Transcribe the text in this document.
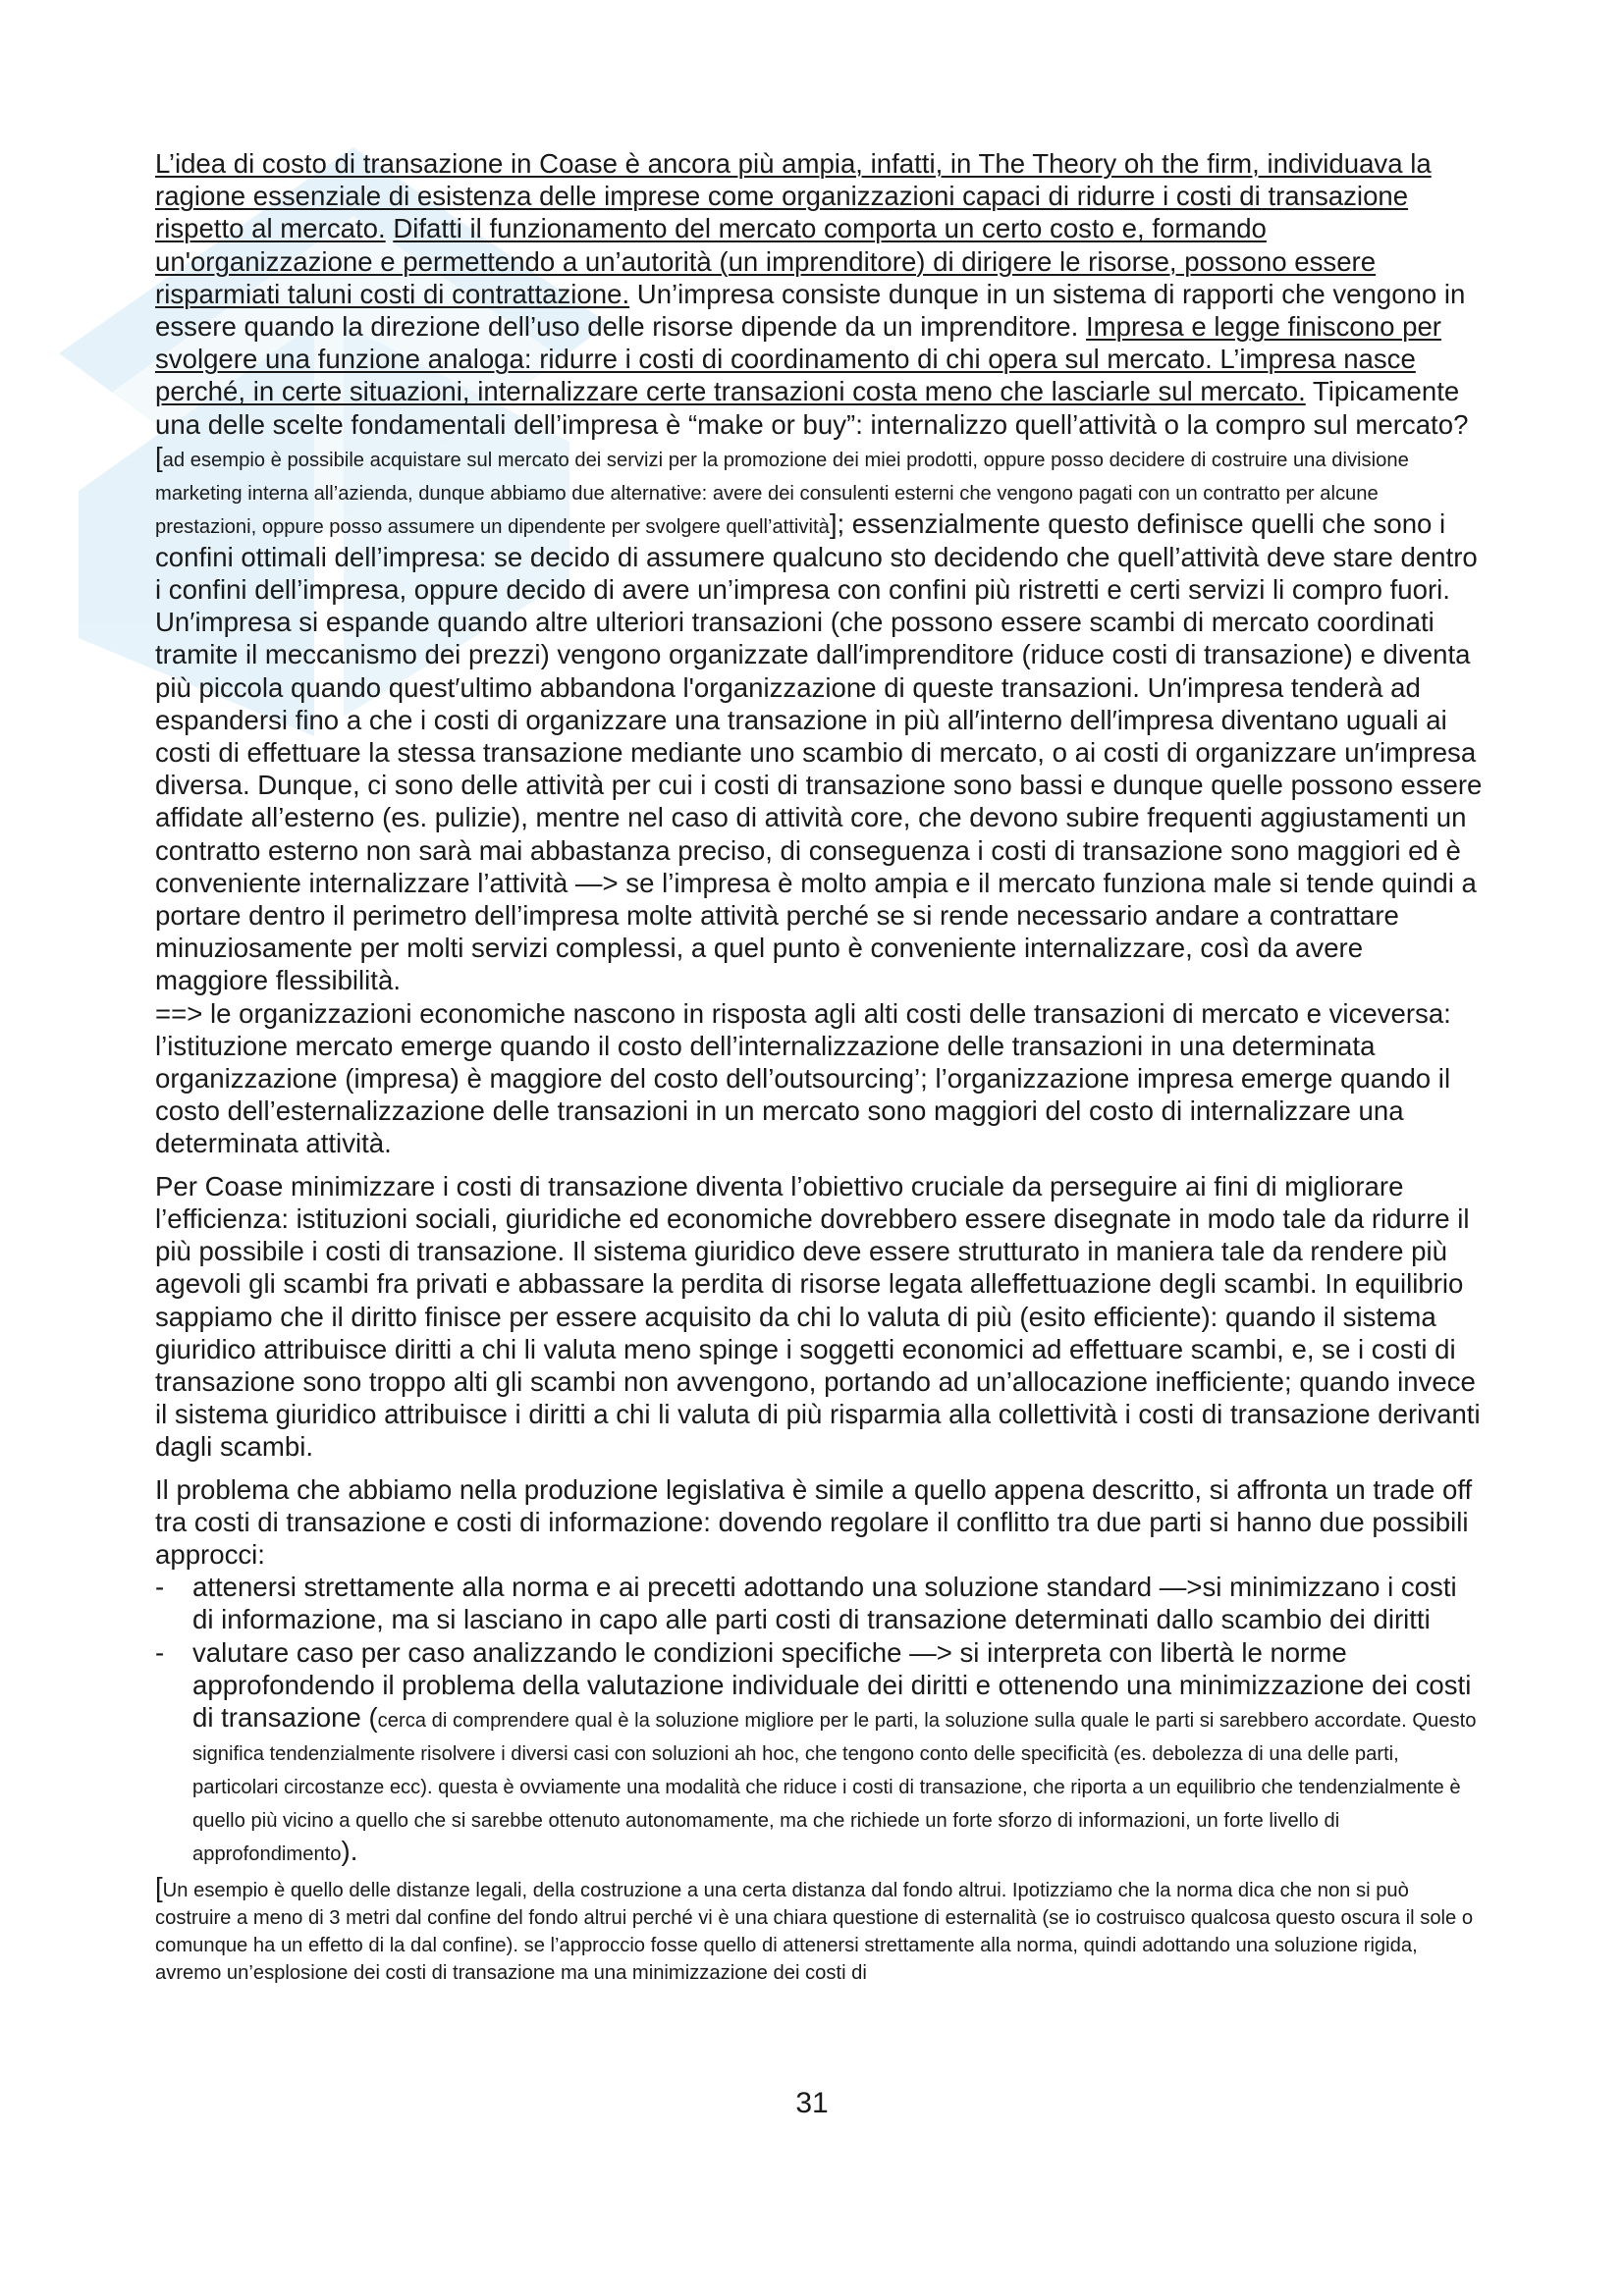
L’idea di costo di transazione in Coase è ancora più ampia, infatti, in The Theory oh the firm, individuava la ragione essenziale di esistenza delle imprese come organizzazioni capaci di ridurre i costi di transazione rispetto al mercato. Difatti il funzionamento del mercato comporta un certo costo e, formando un'organizzazione e permettendo a un’autorità (un imprenditore) di dirigere le risorse, possono essere risparmiati taluni costi di contrattazione. Un’impresa consiste dunque in un sistema di rapporti che vengono in essere quando la direzione dell’uso delle risorse dipende da un imprenditore. Impresa e legge finiscono per svolgere una funzione analoga: ridurre i costi di coordinamento di chi opera sul mercato. L’impresa nasce perché, in certe situazioni, internalizzare certe transazioni costa meno che lasciarle sul mercato. Tipicamente una delle scelte fondamentali dell’impresa è “make or buy”: internalizzo quell’attività o la compro sul mercato? [ad esempio è possibile acquistare sul mercato dei servizi per la promozione dei miei prodotti, oppure posso decidere di costruire una divisione marketing interna all’azienda, dunque abbiamo due alternative: avere dei consulenti esterni che vengono pagati con un contratto per alcune prestazioni, oppure posso assumere un dipendente per svolgere quell’attività]; essenzialmente questo definisce quelli che sono i confini ottimali dell’impresa: se decido di assumere qualcuno sto decidendo che quell’attività deve stare dentro i confini dell’impresa, oppure decido di avere un’impresa con confini più ristretti e certi servizi li compro fuori. Un′impresa si espande quando altre ulteriori transazioni (che possono essere scambi di mercato coordinati tramite il meccanismo dei prezzi) vengono organizzate dall′imprenditore (riduce costi di transazione) e diventa più piccola quando quest′ultimo abbandona l'organizzazione di queste transazioni. Un′impresa tenderà ad espandersi fino a che i costi di organizzare una transazione in più all′interno dell′impresa diventano uguali ai costi di effettuare la stessa transazione mediante uno scambio di mercato, o ai costi di organizzare un′impresa diversa. Dunque, ci sono delle attività per cui i costi di transazione sono bassi e dunque quelle possono essere affidate all’esterno (es. pulizie), mentre nel caso di attività core, che devono subire frequenti aggiustamenti un contratto esterno non sarà mai abbastanza preciso, di conseguenza i costi di transazione sono maggiori ed è conveniente internalizzare l’attività —> se l’impresa è molto ampia e il mercato funziona male si tende quindi a portare dentro il perimetro dell’impresa molte attività perché se si rende necessario andare a contrattare minuziosamente per molti servizi complessi, a quel punto è conveniente internalizzare, così da avere maggiore flessibilità.

==> le organizzazioni economiche nascono in risposta agli alti costi delle transazioni di mercato e viceversa: l’istituzione mercato emerge quando il costo dell’internalizzazione delle transazioni in una determinata organizzazione (impresa) è maggiore del costo dell’outsourcing’; l’organizzazione impresa emerge quando il costo dell’esternalizzazione delle transazioni in un mercato sono maggiori del costo di internalizzare una determinata attività.

Per Coase minimizzare i costi di transazione diventa l’obiettivo cruciale da perseguire ai fini di migliorare l’efficienza: istituzioni sociali, giuridiche ed economiche dovrebbero essere disegnate in modo tale da ridurre il più possibile i costi di transazione. Il sistema giuridico deve essere strutturato in maniera tale da rendere più agevoli gli scambi fra privati e abbassare la perdita di risorse legata alleffettuazione degli scambi. In equilibrio sappiamo che il diritto finisce per essere acquisito da chi lo valuta di più (esito efficiente): quando il sistema giuridico attribuisce diritti a chi li valuta meno spinge i soggetti economici ad effettuare scambi, e, se i costi di transazione sono troppo alti gli scambi non avvengono, portando ad un’allocazione inefficiente; quando invece il sistema giuridico attribuisce i diritti a chi li valuta di più risparmia alla collettività i costi di transazione derivanti dagli scambi.

Il problema che abbiamo nella produzione legislativa è simile a quello appena descritto, si affronta un trade off tra costi di transazione e costi di informazione: dovendo regolare il conflitto tra due parti si hanno due possibili approcci:

- attenersi strettamente alla norma e ai precetti adottando una soluzione standard —>si minimizzano i costi di informazione, ma si lasciano in capo alle parti costi di transazione determinati dallo scambio dei diritti
- valutare caso per caso analizzando le condizioni specifiche —> si interpreta con libertà le norme approfondendo il problema della valutazione individuale dei diritti e ottenendo una minimizzazione dei costi di transazione (cerca di comprendere qual è la soluzione migliore per le parti, la soluzione sulla quale le parti si sarebbero accordate. Questo significa tendenzialmente risolvere i diversi casi con soluzioni ah hoc, che tengono conto delle specificità (es. debolezza di una delle parti, particolari circostanze ecc). questa è ovviamente una modalità che riduce i costi di transazione, che riporta a un equilibrio che tendenzialmente è quello più vicino a quello che si sarebbe ottenuto autonomamente, ma che richiede un forte sforzo di informazioni, un forte livello di approfondimento).

[Un esempio è quello delle distanze legali, della costruzione a una certa distanza dal fondo altrui. Ipotizziamo che la norma dica che non si può costruire a meno di 3 metri dal confine del fondo altrui perché vi è una chiara questione di esternalità (se io costruisco qualcosa questo oscura il sole o comunque ha un effetto di la dal confine). se l’approccio fosse quello di attenersi strettamente alla norma, quindi adottando una soluzione rigida, avremo un’esplosione dei costi di transazione ma una minimizzazione dei costi di

31
